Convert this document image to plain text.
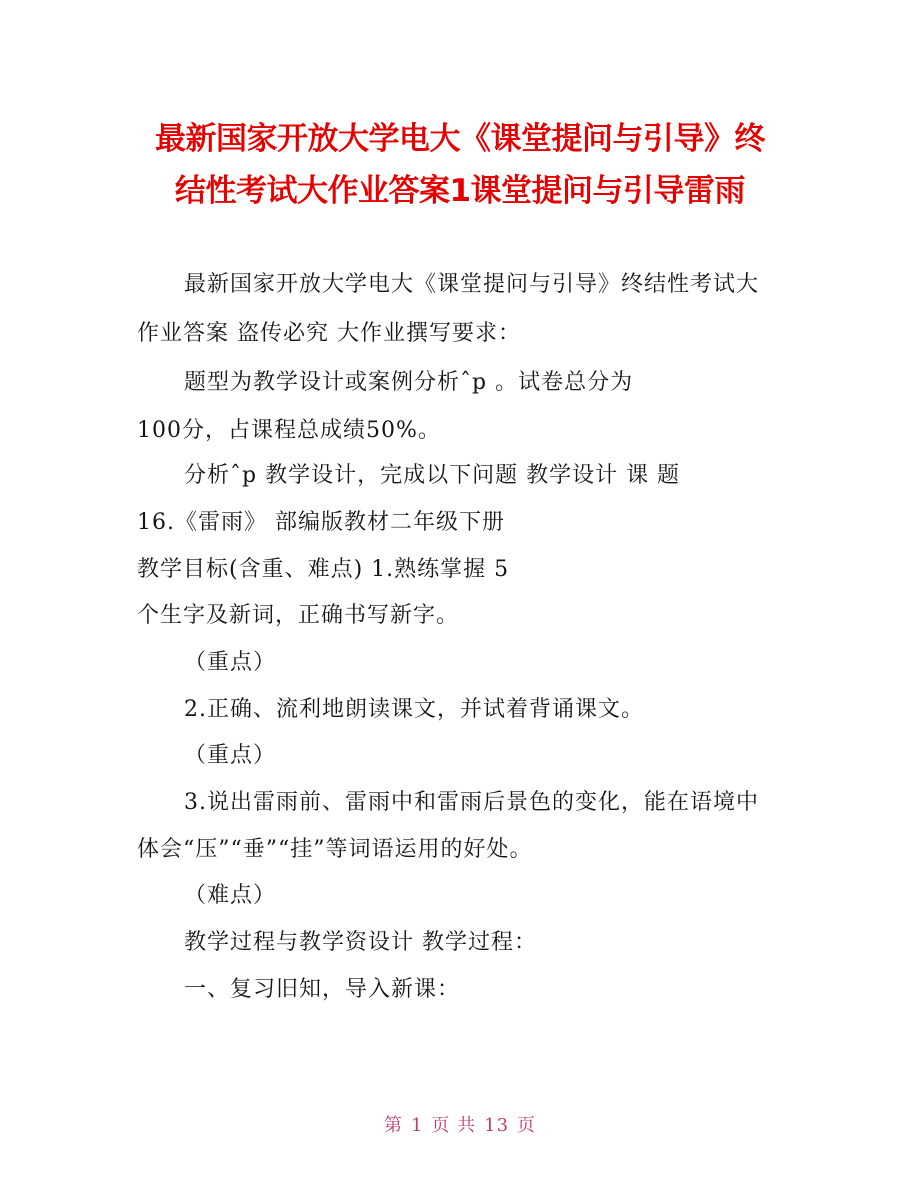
最新国家开放大学电大《课堂提问与引导》终
结性考试大作业答案1课堂提问与引导雷雨
最新国家开放大学电大《课堂提问与引导》终结性考试大
作业答案 盗传必究 大作业撰写要求：
题型为教学设计或案例分析ˆp 。试卷总分为
100分，占课程总成绩50%。
分析ˆp 教学设计，完成以下问题 教学设计 课 题
16.《雷雨》 部编版教材二年级下册
教学目标(含重、难点) 1.熟练掌握 5
个生字及新词，正确书写新字。
（重点）
2.正确、流利地朗读课文，并试着背诵课文。
（重点）
3.说出雷雨前、雷雨中和雷雨后景色的变化，能在语境中
体会“压”“垂”“挂”等词语运用的好处。
（难点）
教学过程与教学资设计 教学过程：
一、复习旧知，导入新课：
第 1 页 共 13 页
